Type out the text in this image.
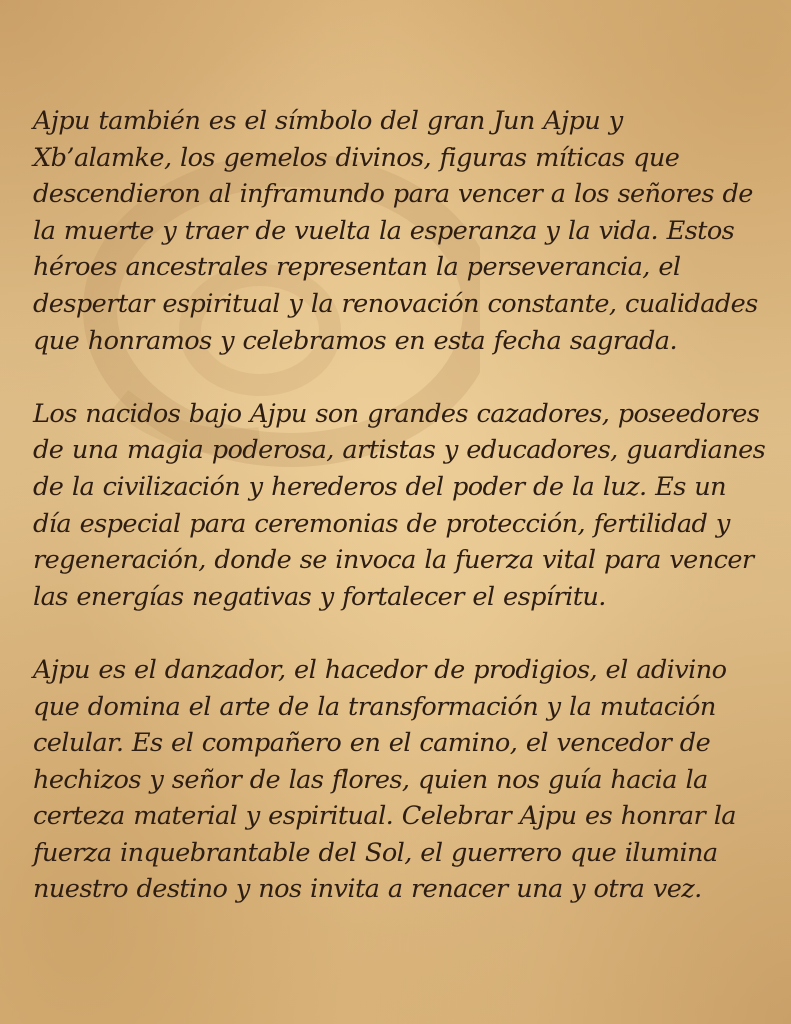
Ajpu también es el símbolo del gran Jun Ajpu y
Xb’alamke, los gemelos divinos, figuras míticas que
descendieron al inframundo para vencer a los señores de
la muerte y traer de vuelta la esperanza y la vida. Estos
héroes ancestrales representan la perseverancia, el
despertar espiritual y la renovación constante, cualidades
que honramos y celebramos en esta fecha sagrada.
Los nacidos bajo Ajpu son grandes cazadores, poseedores
de una magia poderosa, artistas y educadores, guardianes
de la civilización y herederos del poder de la luz. Es un
día especial para ceremonias de protección, fertilidad y
regeneración, donde se invoca la fuerza vital para vencer
las energías negativas y fortalecer el espíritu.
Ajpu es el danzador, el hacedor de prodigios, el adivino
que domina el arte de la transformación y la mutación
celular. Es el compañero en el camino, el vencedor de
hechizos y señor de las flores, quien nos guía hacia la
certeza material y espiritual. Celebrar Ajpu es honrar la
fuerza inquebrantable del Sol, el guerrero que ilumina
nuestro destino y nos invita a renacer una y otra vez.
